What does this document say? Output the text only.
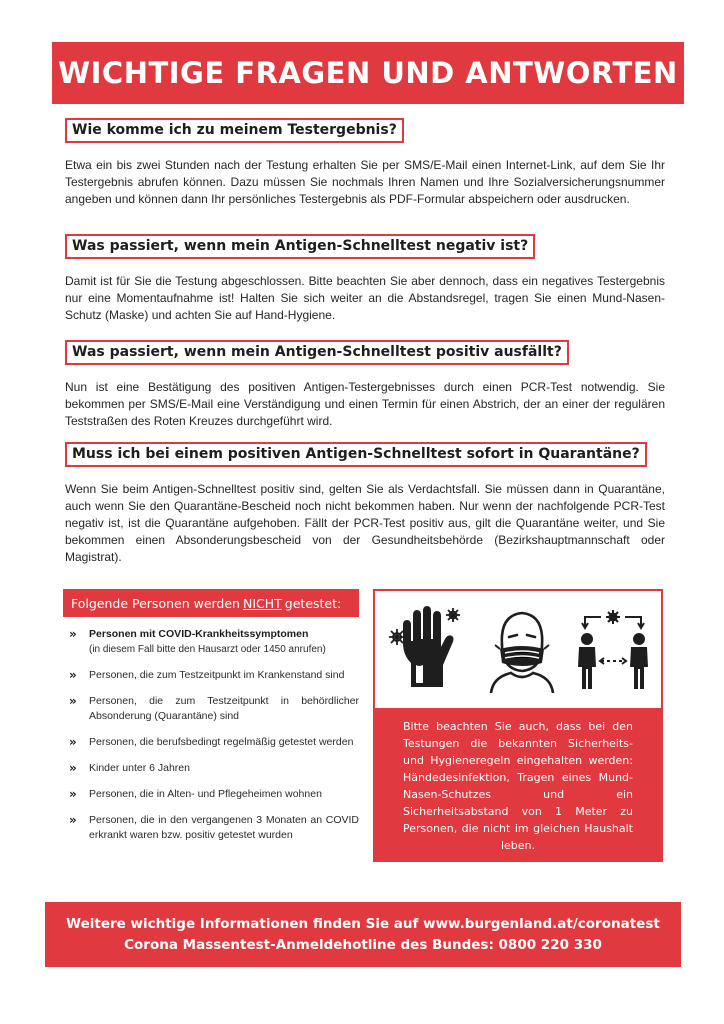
WICHTIGE FRAGEN UND ANTWORTEN
Wie komme ich zu meinem Testergebnis?

Etwa ein bis zwei Stunden nach der Testung erhalten Sie per SMS/E-Mail einen Internet-Link, auf dem Sie Ihr Testergebnis abrufen können. Dazu müssen Sie nochmals Ihren Namen und Ihre Sozialversicherungsnummer angeben und können dann Ihr persönliches Testergebnis als PDF-Formular abspeichern oder ausdrucken.

Was passiert, wenn mein Antigen-Schnelltest negativ ist?

Damit ist für Sie die Testung abgeschlossen. Bitte beachten Sie aber dennoch, dass ein negatives Testergebnis nur eine Momentaufnahme ist! Halten Sie sich weiter an die Abstandsregel, tragen Sie einen Mund-Nasen-Schutz (Maske) und achten Sie auf Hand-Hygiene.

Was passiert, wenn mein Antigen-Schnelltest positiv ausfällt?

Nun ist eine Bestätigung des positiven Antigen-Testergebnisses durch einen PCR-Test notwendig. Sie bekommen per SMS/E-Mail eine Verständigung und einen Termin für einen Abstrich, der an einer der regulären Teststraßen des Roten Kreuzes durchgeführt wird.

Muss ich bei einem positiven Antigen-Schnelltest sofort in Quarantäne?

Wenn Sie beim Antigen-Schnelltest positiv sind, gelten Sie als Verdachtsfall. Sie müssen dann in Quarantäne, auch wenn Sie den Quarantäne-Bescheid noch nicht bekommen haben. Nur wenn der nachfolgende PCR-Test negativ ist, ist die Quarantäne aufgehoben. Fällt der PCR-Test positiv aus, gilt die Quarantäne weiter, und Sie bekommen einen Absonderungsbescheid von der Gesundheitsbehörde (Bezirkshauptmannschaft oder Magistrat).

Folgende Personen werden NICHT getestet:
»	Personen mit COVID-Krankheitssymptomen
(in diesem Fall bitte den Hausarzt oder 1450 anrufen)
»	Personen, die zum Testzeitpunkt im Krankenstand sind
»	Personen, die zum Testzeitpunkt in behördlicher Absonderung (Quarantäne) sind
»	Personen, die berufsbedingt regelmäßig getestet werden
»	Kinder unter 6 Jahren
»	Personen, die in Alten- und Pflegeheimen wohnen
»	Personen, die in den vergangenen 3 Monaten an COVID erkrankt waren bzw. positiv getestet wurden
Bitte beachten Sie auch, dass bei den Testungen die bekannten Sicherheits- und Hygieneregeln eingehalten werden: Händedesinfektion, Tragen eines Mund-Nasen-Schutzes und ein Sicherheitsabstand von 1 Meter zu Personen, die nicht im gleichen Haushalt leben.
Weitere wichtige Informationen finden Sie auf www.burgenland.at/coronatest
Corona Massentest-Anmeldehotline des Bundes: 0800 220 330
